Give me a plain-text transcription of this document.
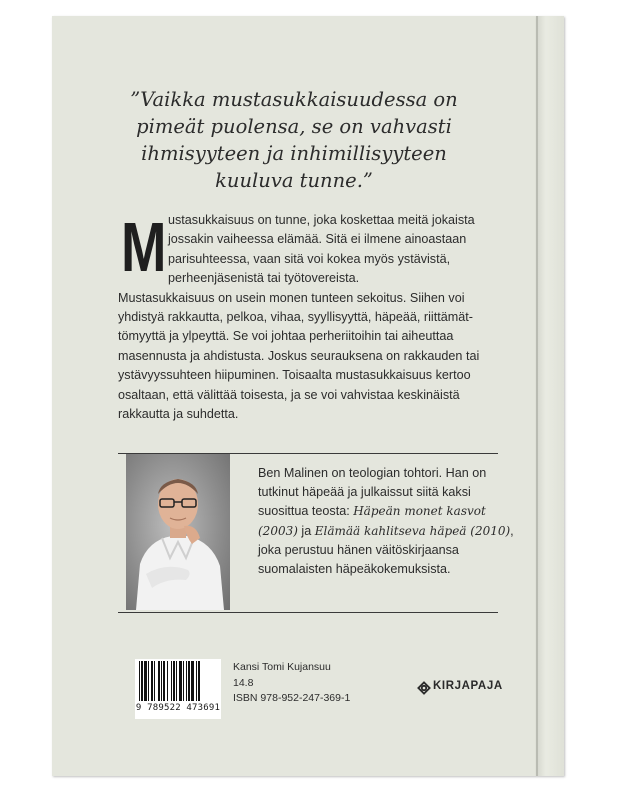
”Vaikka mustasukkaisuudessa on
pimeät puolensa, se on vahvasti
ihmisyyteen ja inhimillisyyteen
kuuluva tunne.”

M ustasukkaisuus on tunne, joka koskettaa meitä jokaista
jossakin vaiheessa elämää. Sitä ei ilmene ainoastaan
parisuhteessa, vaan sitä voi kokea myös ystävistä,
perheenjäsenistä tai työtovereista.
Mustasukkaisuus on usein monen tunteen sekoitus. Siihen voi
yhdistyä rakkautta, pelkoa, vihaa, syyllisyyttä, häpeää, riittämät-
tömyyttä ja ylpeyttä. Se voi johtaa perheriitoihin tai aiheuttaa
masennusta ja ahdistusta. Joskus seurauksena on rakkauden tai
ystävyyssuhteen hiipuminen. Toisaalta mustasukkaisuus kertoo
osaltaan, että välittää toisesta, ja se voi vahvistaa keskinäistä
rakkautta ja suhdetta.
Ben Malinen on teologian tohtori. Han on
tutkinut häpeää ja julkaissut siitä kaksi
suosittua teosta: Häpeän monet kasvot
(2003) ja Elämää kahlitseva häpeä (2010),
joka perustuu hänen väitöskirjaansa
suomalaisten häpeäkokemuksista.
9 789522 473691
Kansi Tomi Kujansuu
14.8
ISBN 978-952-247-369-1
KIRJAPAJA
